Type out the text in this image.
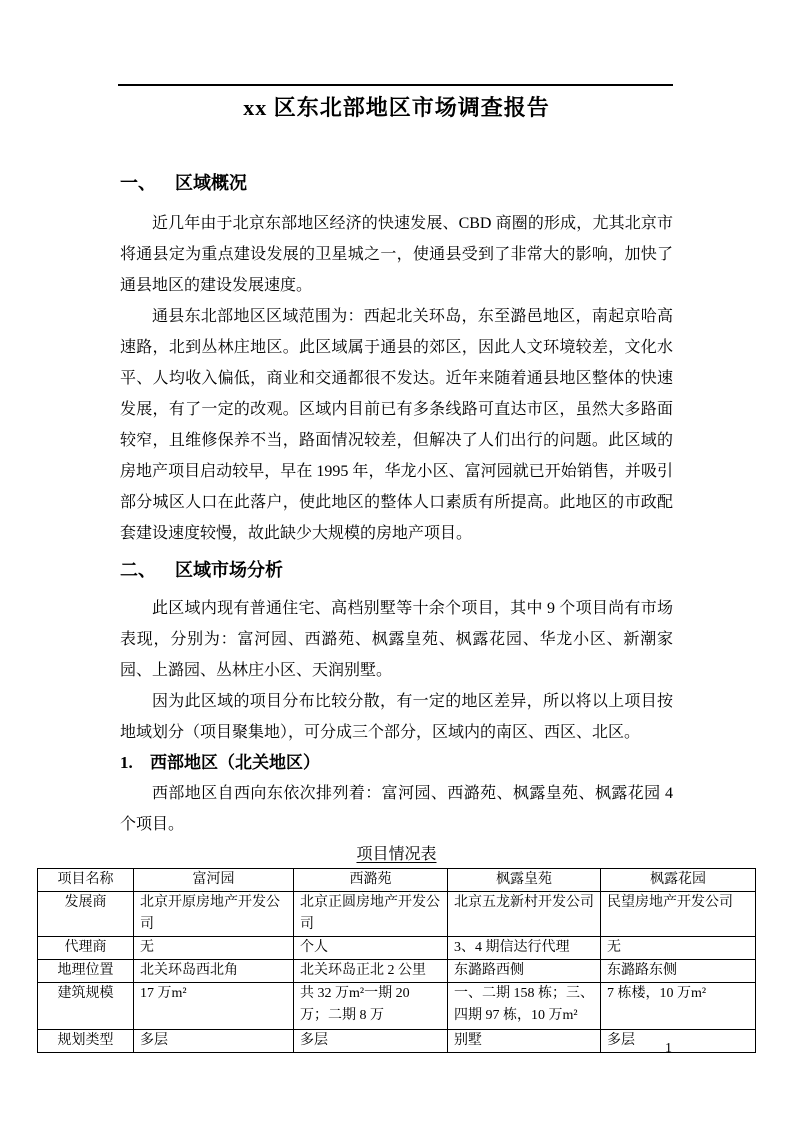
xx 区东北部地区市场调查报告
一、 区域概况

近几年由于北京东部地区经济的快速发展、CBD 商圈的形成，尤其北京市将通县定为重点建设发展的卫星城之一，使通县受到了非常大的影响，加快了通县地区的建设发展速度。

通县东北部地区区域范围为：西起北关环岛，东至潞邑地区，南起京哈高速路，北到丛林庄地区。此区域属于通县的郊区，因此人文环境较差，文化水平、人均收入偏低，商业和交通都很不发达。近年来随着通县地区整体的快速发展，有了一定的改观。区域内目前已有多条线路可直达市区，虽然大多路面较窄，且维修保养不当，路面情况较差，但解决了人们出行的问题。此区域的房地产项目启动较早，早在 1995 年，华龙小区、富河园就已开始销售，并吸引部分城区人口在此落户，使此地区的整体人口素质有所提高。此地区的市政配套建设速度较慢，故此缺少大规模的房地产项目。

二、 区域市场分析

此区域内现有普通住宅、高档别墅等十余个项目，其中 9 个项目尚有市场表现，分别为：富河园、西潞苑、枫露皇苑、枫露花园、华龙小区、新潮家园、上潞园、丛林庄小区、天润别墅。

因为此区域的项目分布比较分散，有一定的地区差异，所以将以上项目按地域划分（项目聚集地），可分成三个部分，区域内的南区、西区、北区。

1. 西部地区（北关地区）

西部地区自西向东依次排列着：富河园、西潞苑、枫露皇苑、枫露花园 4 个项目。

项目情况表
项目名称	富河园	西潞苑	枫露皇苑	枫露花园
发展商	北京开原房地产开发公司	北京正圆房地产开发公司	北京五龙新村开发公司	民望房地产开发公司
代理商	无	个人	3、4 期信达行代理	无
地理位置	北关环岛西北角	北关环岛正北 2 公里	东潞路西侧	东潞路东侧
建筑规模	17 万m²	共 32 万m²一期 20 万；二期 8 万	一、二期 158 栋；三、四期 97 栋，10 万m²	7 栋楼，10 万m²
规划类型	多层	多层	别墅	多层
1
